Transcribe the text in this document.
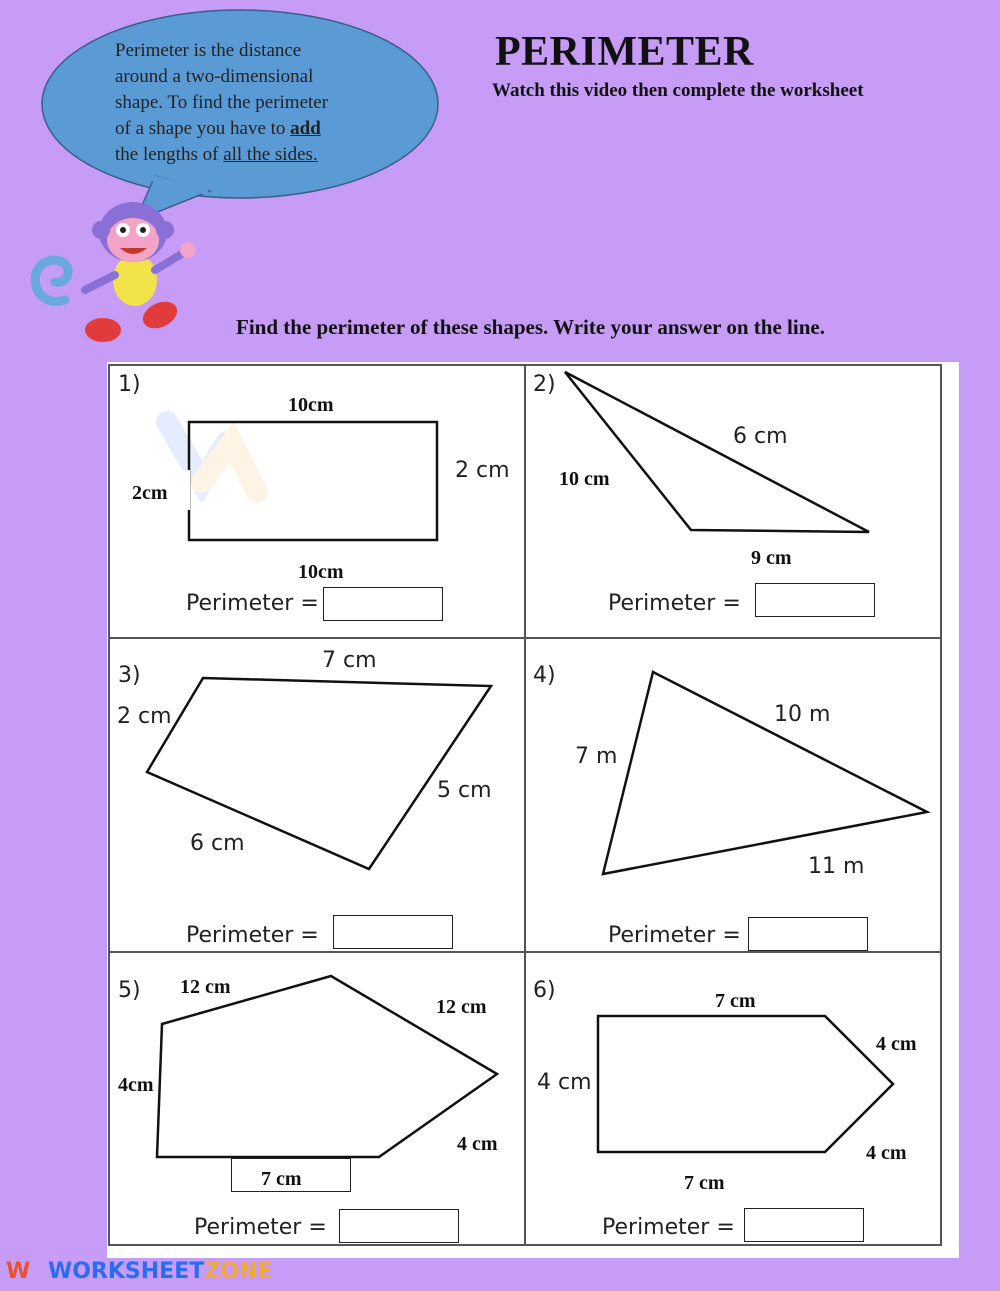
Perimeter is the distance
around a two-dimensional
shape. To find the perimeter
of a shape you have to add
the lengths of all the sides.
PERIMETER
Watch this video then complete the worksheet
Find the perimeter of these shapes. Write your answer on the line.
1)
10cm
2 cm
2cm
10cm
Perimeter =
2)
6 cm
10 cm
9 cm
Perimeter =
3)
7 cm
2 cm
5 cm
6 cm
Perimeter =
4)
10 m
7 m
11 m
Perimeter =
5) 12 cm
12 cm
4cm
4 cm
7 cm
Perimeter =
6)	7 cm
4 cm
4 cm
4 cm
7 cm
Perimeter =
W WORKSHEETZONE
